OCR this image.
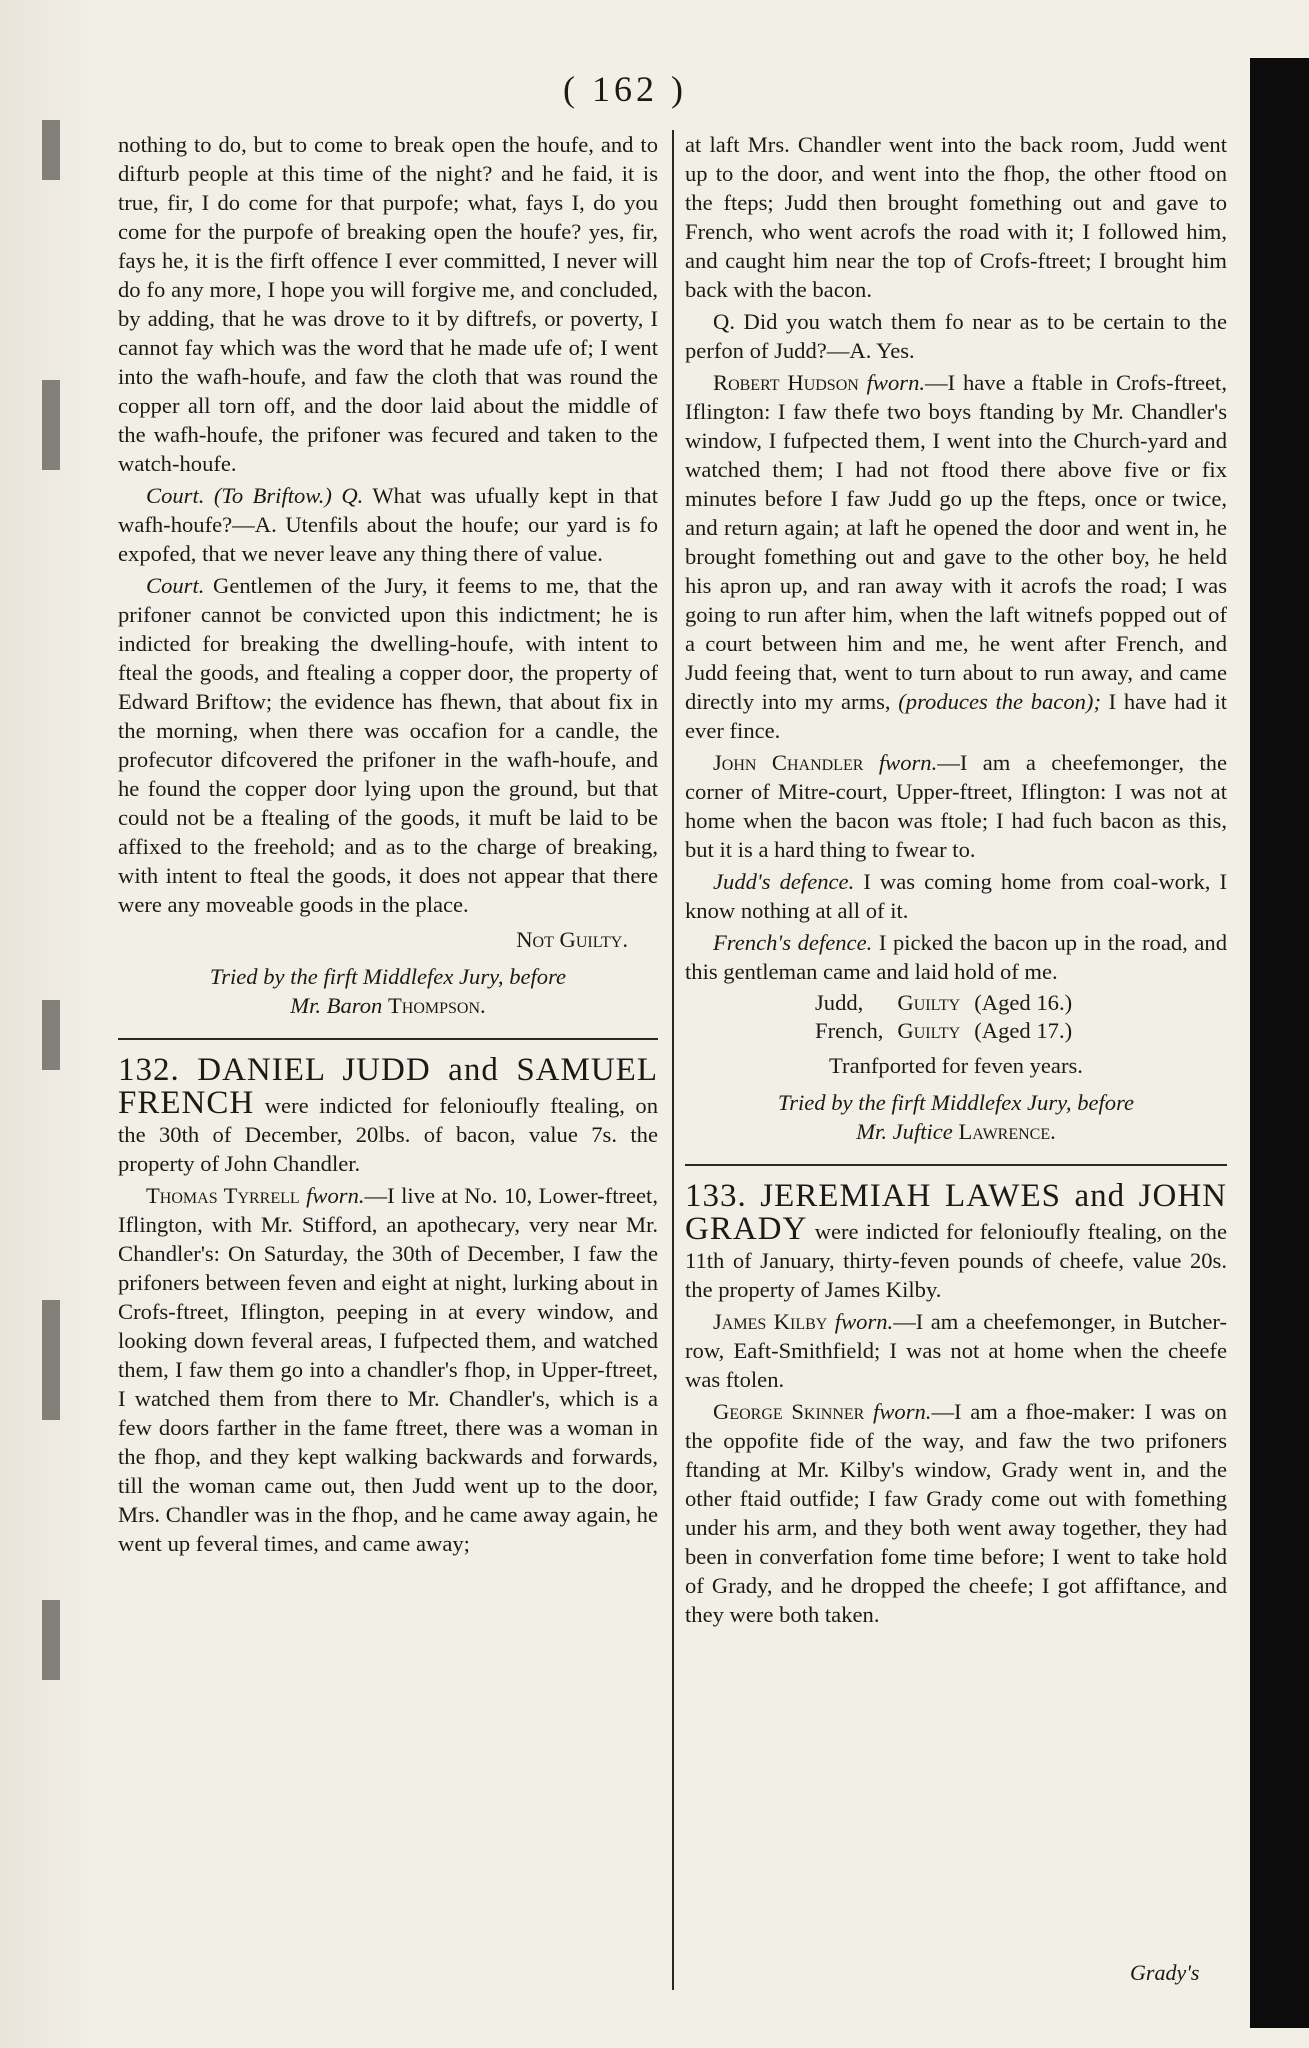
( 162 )

nothing to do, but to come to break open the houfe, and to difturb people at this time of the night? and he faid, it is true, fir, I do come for that purpofe; what, fays I, do you come for the purpofe of breaking open the houfe? yes, fir, fays he, it is the firft offence I ever committed, I never will do fo any more, I hope you will forgive me, and concluded, by adding, that he was drove to it by diftrefs, or poverty, I cannot fay which was the word that he made ufe of; I went into the wafh-houfe, and faw the cloth that was round the copper all torn off, and the door laid about the middle of the wafh-houfe, the prifoner was fecured and taken to the watch-houfe.

Court. (To Briftow.) Q. What was ufually kept in that wafh-houfe?—A. Utenfils about the houfe; our yard is fo expofed, that we never leave any thing there of value.

Court. Gentlemen of the Jury, it feems to me, that the prifoner cannot be convicted upon this indictment; he is indicted for breaking the dwelling-houfe, with intent to fteal the goods, and ftealing a copper door, the property of Edward Briftow; the evidence has fhewn, that about fix in the morning, when there was occafion for a candle, the profecutor difcovered the prifoner in the wafh-houfe, and he found the copper door lying upon the ground, but that could not be a ftealing of the goods, it muft be laid to be affixed to the freehold; and as to the charge of breaking, with intent to fteal the goods, it does not appear that there were any moveable goods in the place.

Not Guilty.
Tried by the firft Middlefex Jury, before
Mr. Baron Thompson.

132. DANIEL JUDD and SAMUEL FRENCH were indicted for felonioufly ftealing, on the 30th of December, 20lbs. of bacon, value 7s. the property of John Chandler.

Thomas Tyrrell fworn.—I live at No. 10, Lower-ftreet, Iflington, with Mr. Stifford, an apothecary, very near Mr. Chandler's: On Saturday, the 30th of December, I faw the prifoners between feven and eight at night, lurking about in Crofs-ftreet, Iflington, peeping in at every window, and looking down feveral areas, I fufpected them, and watched them, I faw them go into a chandler's fhop, in Upper-ftreet, I watched them from there to Mr. Chandler's, which is a few doors farther in the fame ftreet, there was a woman in the fhop, and they kept walking backwards and forwards, till the woman came out, then Judd went up to the door, Mrs. Chandler was in the fhop, and he came away again, he went up feveral times, and came away;

at laft Mrs. Chandler went into the back room, Judd went up to the door, and went into the fhop, the other ftood on the fteps; Judd then brought fomething out and gave to French, who went acrofs the road with it; I followed him, and caught him near the top of Crofs-ftreet; I brought him back with the bacon.

Q. Did you watch them fo near as to be certain to the perfon of Judd?—A. Yes.

Robert Hudson fworn.—I have a ftable in Crofs-ftreet, Iflington: I faw thefe two boys ftanding by Mr. Chandler's window, I fufpected them, I went into the Church-yard and watched them; I had not ftood there above five or fix minutes before I faw Judd go up the fteps, once or twice, and return again; at laft he opened the door and went in, he brought fomething out and gave to the other boy, he held his apron up, and ran away with it acrofs the road; I was going to run after him, when the laft witnefs popped out of a court between him and me, he went after French, and Judd feeing that, went to turn about to run away, and came directly into my arms, (produces the bacon); I have had it ever fince.

John Chandler fworn.—I am a cheefemonger, the corner of Mitre-court, Upper-ftreet, Iflington: I was not at home when the bacon was ftole; I had fuch bacon as this, but it is a hard thing to fwear to.

Judd's defence. I was coming home from coal-work, I know nothing at all of it.

French's defence. I picked the bacon up in the road, and this gentleman came and laid hold of me.

Judd,	Guilty	(Aged 16.)
French,	Guilty	(Aged 17.)
Tranfported for feven years.
Tried by the firft Middlefex Jury, before
Mr. Juftice Lawrence.

133. JEREMIAH LAWES and JOHN GRADY were indicted for felonioufly ftealing, on the 11th of January, thirty-feven pounds of cheefe, value 20s. the property of James Kilby.

James Kilby fworn.—I am a cheefemonger, in Butcher-row, Eaft-Smithfield; I was not at home when the cheefe was ftolen.

George Skinner fworn.—I am a fhoe-maker: I was on the oppofite fide of the way, and faw the two prifoners ftanding at Mr. Kilby's window, Grady went in, and the other ftaid outfide; I faw Grady come out with fomething under his arm, and they both went away together, they had been in converfation fome time before; I went to take hold of Grady, and he dropped the cheefe; I got affiftance, and they were both taken.

Grady's
